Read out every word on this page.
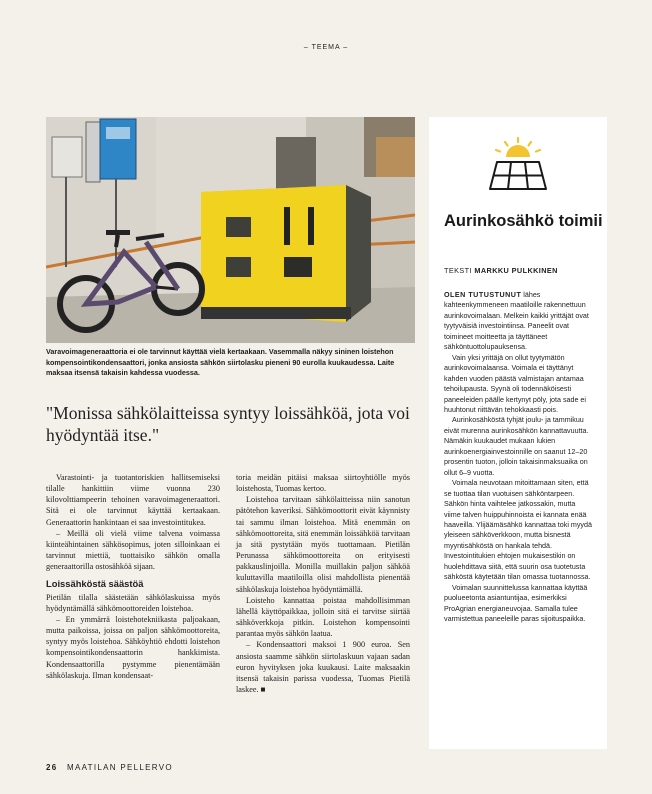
– TEEMA –
Varavoimageneraattoria ei ole tarvinnut käyttää vielä kertaakaan. Vasemmalla näkyy sininen loistehon kompensointikondensaattori, jonka ansiosta sähkön siirtolasku pieneni 90 eurolla kuukaudessa. Laite maksaa itsensä takaisin kahdessa vuodessa.
"Monissa sähkölaitteissa syntyy loissähköä, jota voi hyödyntää itse."

Varastointi- ja tuotantoriskien hallitsemiseksi tilalle hankittiin viime vuonna 230 kilovolttiampeerin tehoinen varavoimageneraattori. Sitä ei ole tarvinnut käyttää kertaakaan. Generaattorin hankintaan ei saa investointitukea.

– Meillä oli vielä viime talvena voimassa kiinteähintainen sähkösopimus, joten silloinkaan ei tarvinnut miettiä, tuottaisiko sähkön omalla generaattorilla ostosähköä sijaan.

Loissähköstä säästöä

Pietilän tilalla säästetään sähkölaskuissa myös hyödyntämällä sähkömoottoreiden loistehoa.

– En ymmärrä loistehotekniikasta paljoakaan, mutta paikoissa, joissa on paljon sähkömoottoreita, syntyy myös loistehoa. Sähköyhtiö ehdotti loistehon kompensointikondensaattorin hankkimista. Kondensaattorilla pystymme pienentämään sähkölaskuja. Ilman kondensaat-

toria meidän pitäisi maksaa siirtoyhtiölle myös loistehosta, Tuomas kertoo.

Loistehoa tarvitaan sähkölaitteissa niin sanotun pätötehon kaveriksi. Sähkömoottorit eivät käynnisty tai sammu ilman loistehoa. Mitä enemmän on sähkömoottoreita, sitä enemmän loissähköä tarvitaan ja sitä pystytään myös tuottamaan. Pietilän Perunassa sähkömoottoreita on erityisesti pakkauslinjoilla. Monilla muillakin paljon sähköä kuluttavilla maatiloilla olisi mahdollista pienentää sähkölaskuja loistehoa hyödyntämällä.

Loisteho kannattaa poistaa mahdollisimman lähellä käyttöpaikkaa, jolloin sitä ei tarvitse siirtää sähköverkkoja pitkin. Loistehon kompensointi parantaa myös sähkön laatua.

– Kondensaattori maksoi 1 900 euroa. Sen ansiosta saamme sähkön siirtolaskuun vajaan sadan euron hyvityksen joka kuukausi. Laite maksaakin itsensä takaisin parissa vuodessa, Tuomas Pietilä laskee. ■

Aurinkosähkö toimii
TEKSTI MARKKU PULKKINEN

OLEN TUTUSTUNUT lähes kahteenkymmeneen maatiloille rakennettuun aurinkovoimalaan. Melkein kaikki yrittäjät ovat tyytyväisiä investointiinsa. Paneelit ovat toimineet moitteetta ja täyttäneet sähköntuottolupauksensa.

Vain yksi yrittäjä on ollut tyytymätön aurinkovoimalaansa. Voimala ei täyttänyt kahden vuoden päästä valmistajan antamaa tehoilupausta. Syynä oli todennäköisesti paneeleiden päälle kertynyt pöly, jota sade ei huuhtonut riittävän tehokkaasti pois.

Aurinkosähköstä tyhjät joulu- ja tammikuu eivät murenna aurinkosähkön kannattavuutta. Nämäkin kuukaudet mukaan lukien aurinkoenergiainvestoinnille on saanut 12–20 prosentin tuoton, jolloin takaisinmaksuaika on ollut 6–9 vuotta.

Voimala neuvotaan mitoittamaan siten, että se tuottaa tilan vuotuisen sähköntarpeen. Sähkön hinta vaihtelee jatkossakin, mutta viime talven huippuhinnoista ei kannata enää haaveilla. Ylijäämäsähkö kannattaa toki myydä yleiseen sähköverkkoon, mutta bisnestä myyntisähköstä on hankala tehdä. Investointitukien ehtojen mukaisestikin on huolehdittava siitä, että suurin osa tuotetusta sähköstä käytetään tilan omassa tuotannossa.

Voimalan suunnittelussa kannattaa käyttää puolueetonta asiantuntijaa, esimerkiksi ProAgrian energianeuvojaa. Samalla tulee varmistettua paneeleille paras sijoituspaikka.

26 MAATILAN PELLERVO
